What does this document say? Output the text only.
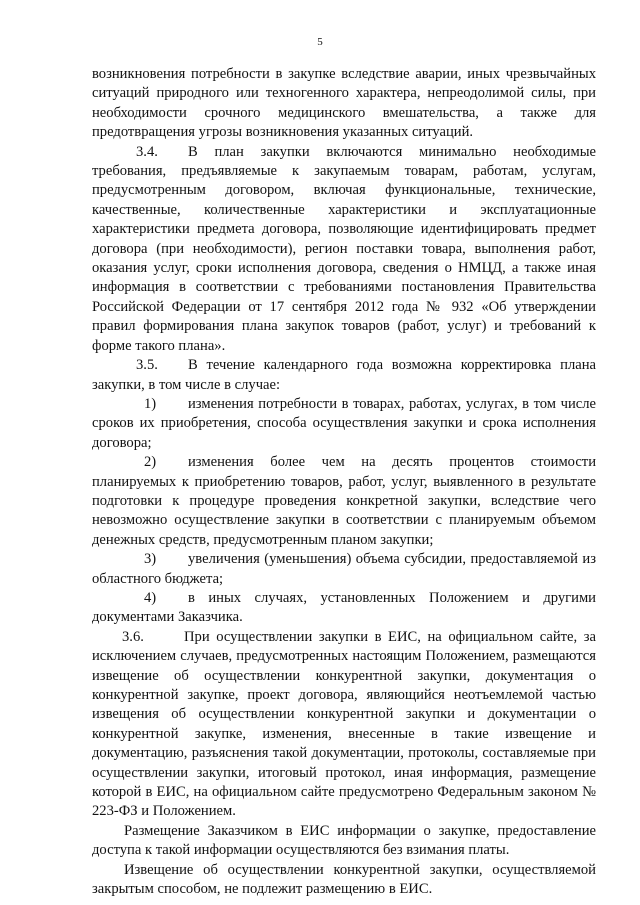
5

возникновения потребности в закупке вследствие аварии, иных чрезвычайных ситуаций природного или техногенного характера, непреодолимой силы, при необходимости срочного медицинского вмешательства, а также для предотвращения угрозы возникновения указанных ситуаций.

3.4. В план закупки включаются минимально необходимые требования, предъявляемые к закупаемым товарам, работам, услугам, предусмотренным договором, включая функциональные, технические, качественные, количественные характеристики и эксплуатационные характеристики предмета договора, позволяющие идентифицировать предмет договора (при необходимости), регион поставки товара, выполнения работ, оказания услуг, сроки исполнения договора, сведения о НМЦД, а также иная информация в соответствии с требованиями постановления Правительства Российской Федерации от 17 сентября 2012 года № 932 «Об утверждении правил формирования плана закупок товаров (работ, услуг) и требований к форме такого плана».

3.5. В течение календарного года возможна корректировка плана закупки, в том числе в случае:

1) изменения потребности в товарах, работах, услугах, в том числе сроков их приобретения, способа осуществления закупки и срока исполнения договора;

2) изменения более чем на десять процентов стоимости планируемых к приобретению товаров, работ, услуг, выявленного в результате подготовки к процедуре проведения конкретной закупки, вследствие чего невозможно осуществление закупки в соответствии с планируемым объемом денежных средств, предусмотренным планом закупки;

3) увеличения (уменьшения) объема субсидии, предоставляемой из областного бюджета;

4) в иных случаях, установленных Положением и другими документами Заказчика.

3.6.	При осуществлении закупки в ЕИС, на официальном сайте, за исключением случаев, предусмотренных настоящим Положением, размещаются извещение об осуществлении конкурентной закупки, документация о конкурентной закупке, проект договора, являющийся неотъемлемой частью извещения об осуществлении конкурентной закупки и документации о конкурентной закупке, изменения, внесенные в такие извещение и документацию, разъяснения такой документации, протоколы, составляемые при осуществлении закупки, итоговый протокол, иная информация, размещение которой в ЕИС, на официальном сайте предусмотрено Федеральным законом № 223-ФЗ и Положением.

Размещение Заказчиком в ЕИС информации о закупке, предоставление доступа к такой информации осуществляются без взимания платы.

Извещение об осуществлении конкурентной закупки, осуществляемой закрытым способом, не подлежит размещению в ЕИС.
